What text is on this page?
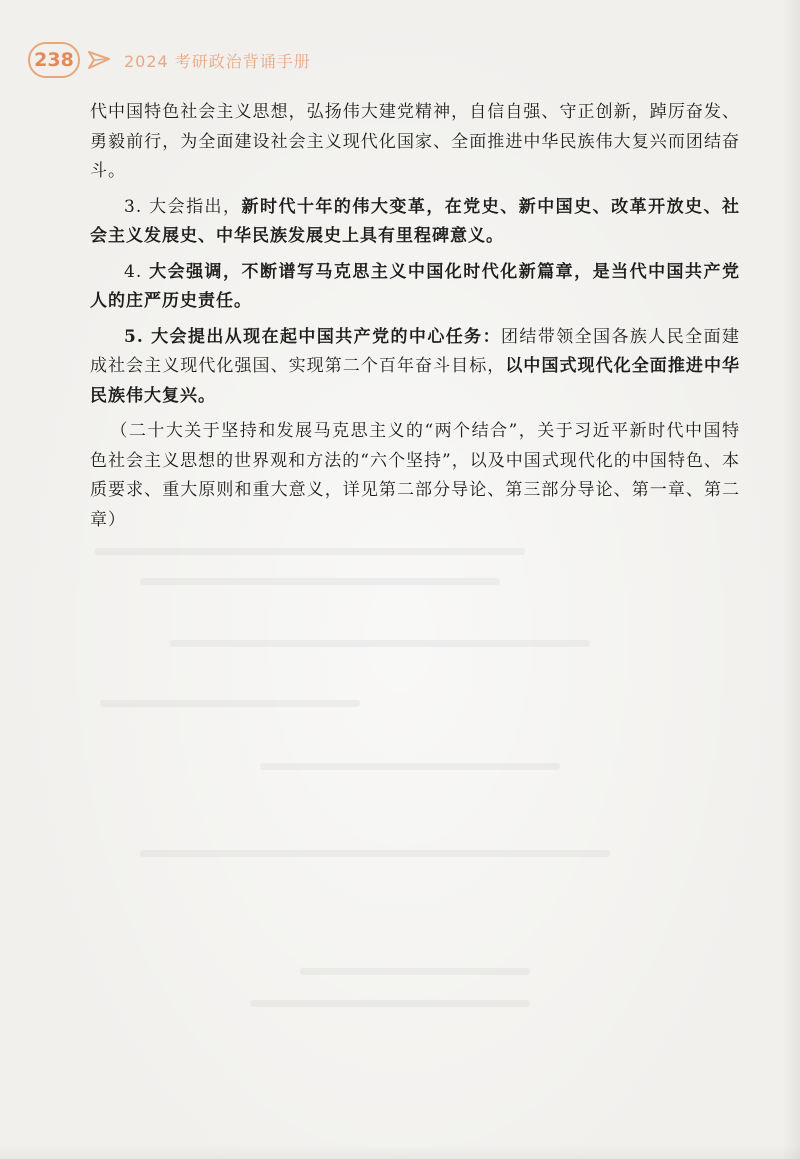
238	2024 考研政治背诵手册

代中国特色社会主义思想，弘扬伟大建党精神，自信自强、守正创新，踔厉奋发、勇毅前行，为全面建设社会主义现代化国家、全面推进中华民族伟大复兴而团结奋斗。

3. 大会指出，新时代十年的伟大变革，在党史、新中国史、改革开放史、社会主义发展史、中华民族发展史上具有里程碑意义。

4. 大会强调，不断谱写马克思主义中国化时代化新篇章，是当代中国共产党人的庄严历史责任。

5. 大会提出从现在起中国共产党的中心任务：团结带领全国各族人民全面建成社会主义现代化强国、实现第二个百年奋斗目标，以中国式现代化全面推进中华民族伟大复兴。

（二十大关于坚持和发展马克思主义的“两个结合”，关于习近平新时代中国特色社会主义思想的世界观和方法的“六个坚持”，以及中国式现代化的中国特色、本质要求、重大原则和重大意义，详见第二部分导论、第三部分导论、第一章、第二章）
